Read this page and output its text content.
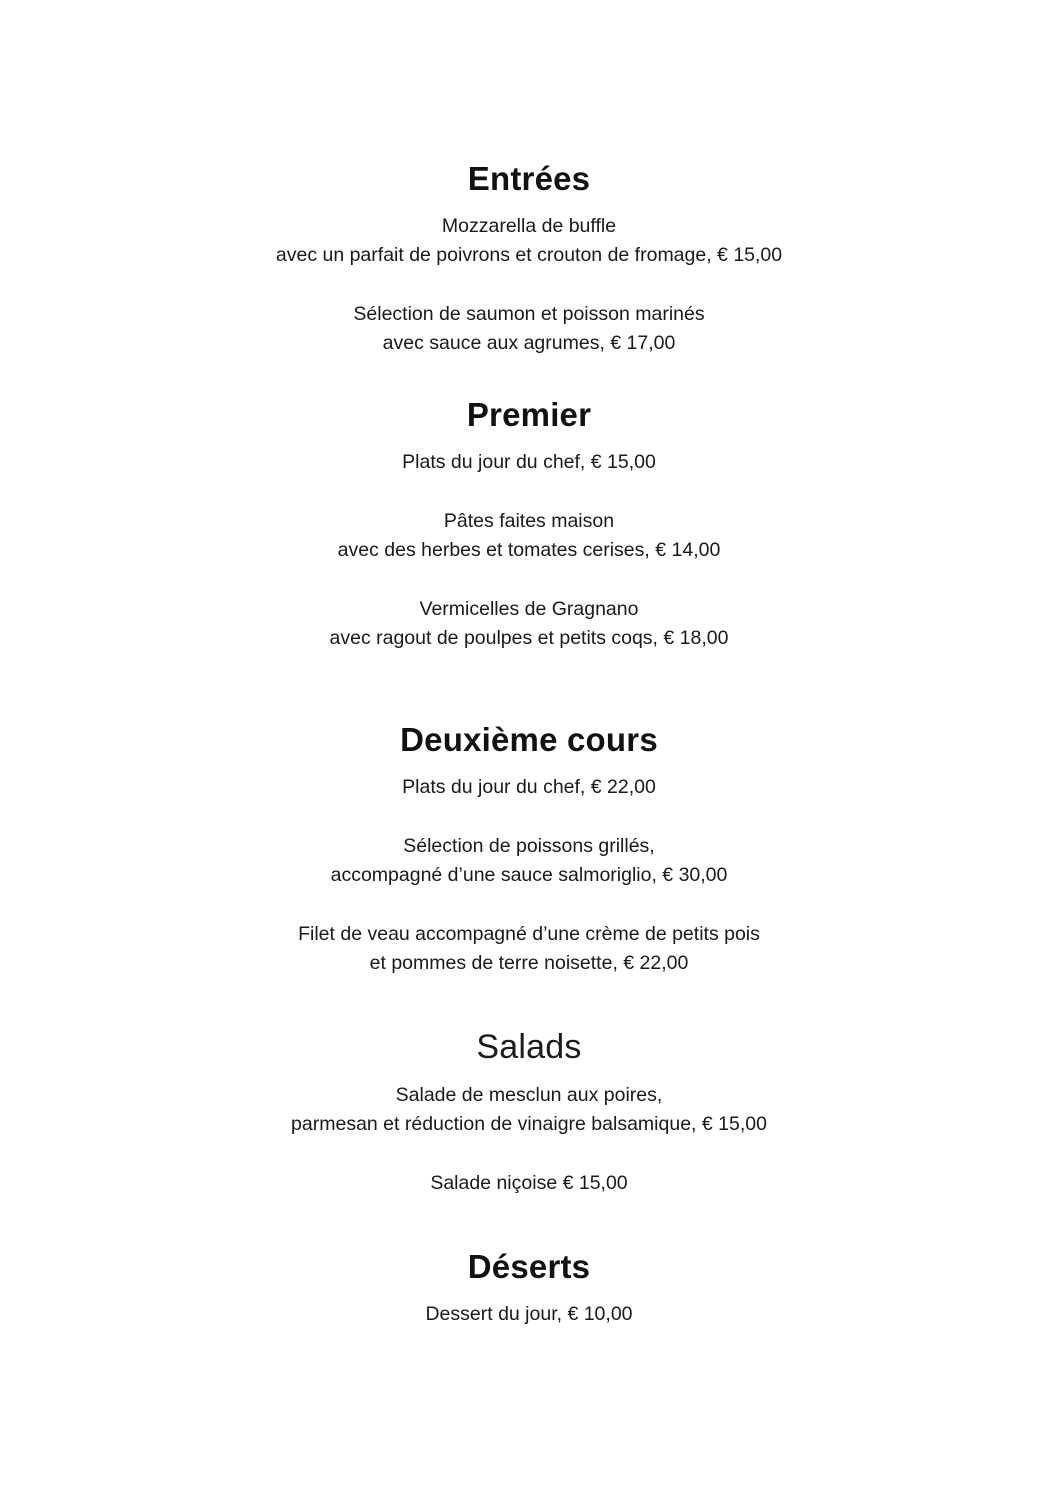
Entrées
Mozzarella de buffle
avec un parfait de poivrons et crouton de fromage, € 15,00
Sélection de saumon et poisson marinés
avec sauce aux agrumes, € 17,00
Premier
Plats du jour du chef, € 15,00
Pâtes faites maison
avec des herbes et tomates cerises, € 14,00
Vermicelles de Gragnano
avec ragout de poulpes et petits coqs, € 18,00
Deuxième cours
Plats du jour du chef, € 22,00
Sélection de poissons grillés,
accompagné d’une sauce salmoriglio, € 30,00
Filet de veau accompagné d’une crème de petits pois
et pommes de terre noisette, € 22,00
Salads
Salade de mesclun aux poires,
parmesan et réduction de vinaigre balsamique, € 15,00
Salade niçoise € 15,00
Déserts
Dessert du jour, € 10,00
